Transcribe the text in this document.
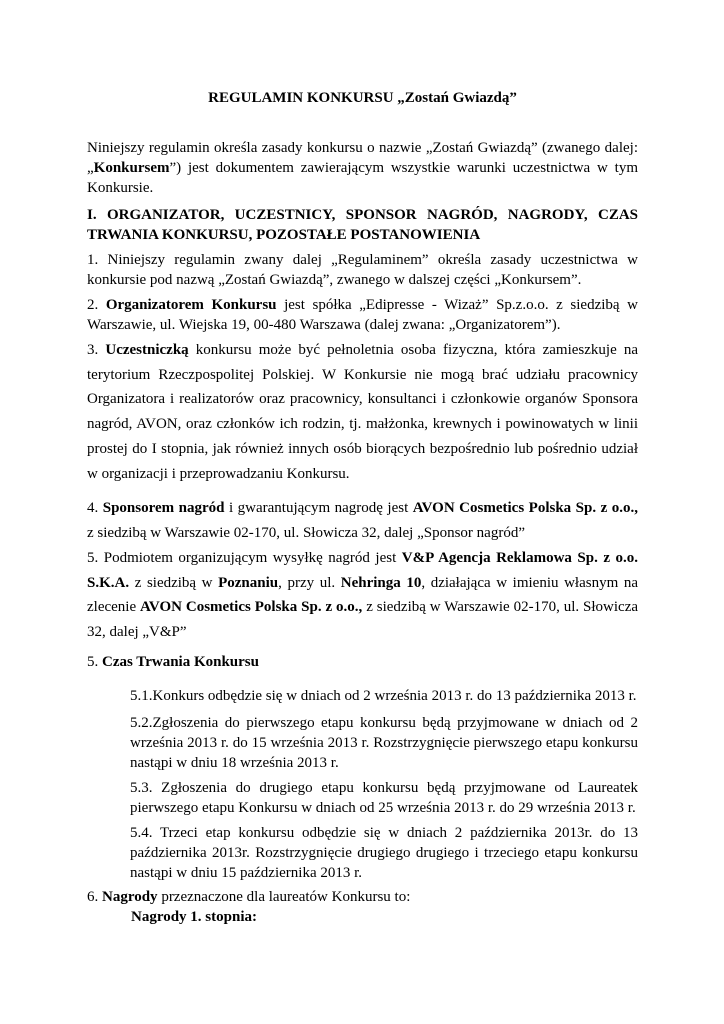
REGULAMIN KONKURSU „Zostań Gwiazdą”
Niniejszy regulamin określa zasady konkursu o nazwie „Zostań Gwiazdą” (zwanego dalej: „Konkursem”) jest dokumentem zawierającym wszystkie warunki uczestnictwa w tym Konkursie.
I. ORGANIZATOR, UCZESTNICY, SPONSOR NAGRÓD, NAGRODY, CZAS TRWANIA KONKURSU, POZOSTAŁE POSTANOWIENIA
1. Niniejszy regulamin zwany dalej „Regulaminem” określa zasady uczestnictwa w konkursie pod nazwą „Zostań Gwiazdą”, zwanego w dalszej części „Konkursem”.
2. Organizatorem Konkursu jest spółka „Edipresse - Wizaż” Sp.z.o.o. z siedzibą w Warszawie, ul. Wiejska 19, 00-480 Warszawa (dalej zwana: „Organizatorem”).
3. Uczestniczką konkursu może być pełnoletnia osoba fizyczna, która zamieszkuje na terytorium Rzeczpospolitej Polskiej. W Konkursie nie mogą brać udziału pracownicy Organizatora i realizatorów oraz pracownicy, konsultanci i członkowie organów Sponsora nagród, AVON, oraz członków ich rodzin, tj. małżonka, krewnych i powinowatych w linii prostej do I stopnia, jak również innych osób biorących bezpośrednio lub pośrednio udział w organizacji i przeprowadzaniu Konkursu.
4. Sponsorem nagród i gwarantującym nagrodę jest AVON Cosmetics Polska Sp. z o.o., z siedzibą w Warszawie 02-170, ul. Słowicza 32, dalej „Sponsor nagród”
5. Podmiotem organizującym wysyłkę nagród jest V&P Agencja Reklamowa Sp. z o.o. S.K.A. z siedzibą w Poznaniu, przy ul. Nehringa 10, działająca w imieniu własnym na zlecenie AVON Cosmetics Polska Sp. z o.o., z siedzibą w Warszawie 02-170, ul. Słowicza 32, dalej „V&P”
5. Czas Trwania Konkursu
5.1.Konkurs odbędzie się w dniach od 2 września 2013 r. do 13 października 2013 r.
5.2.Zgłoszenia do pierwszego etapu konkursu będą przyjmowane w dniach od 2 września 2013 r. do 15 września 2013 r. Rozstrzygnięcie pierwszego etapu konkursu nastąpi w dniu 18 września 2013 r.
5.3. Zgłoszenia do drugiego etapu konkursu będą przyjmowane od Laureatek pierwszego etapu Konkursu w dniach od 25 września 2013 r. do 29 września 2013 r.
5.4. Trzeci etap konkursu odbędzie się w dniach 2 października 2013r. do 13 października 2013r. Rozstrzygnięcie drugiego drugiego i trzeciego etapu konkursu nastąpi w dniu 15 października 2013 r.
6. Nagrody przeznaczone dla laureatów Konkursu to:
Nagrody 1. stopnia:
